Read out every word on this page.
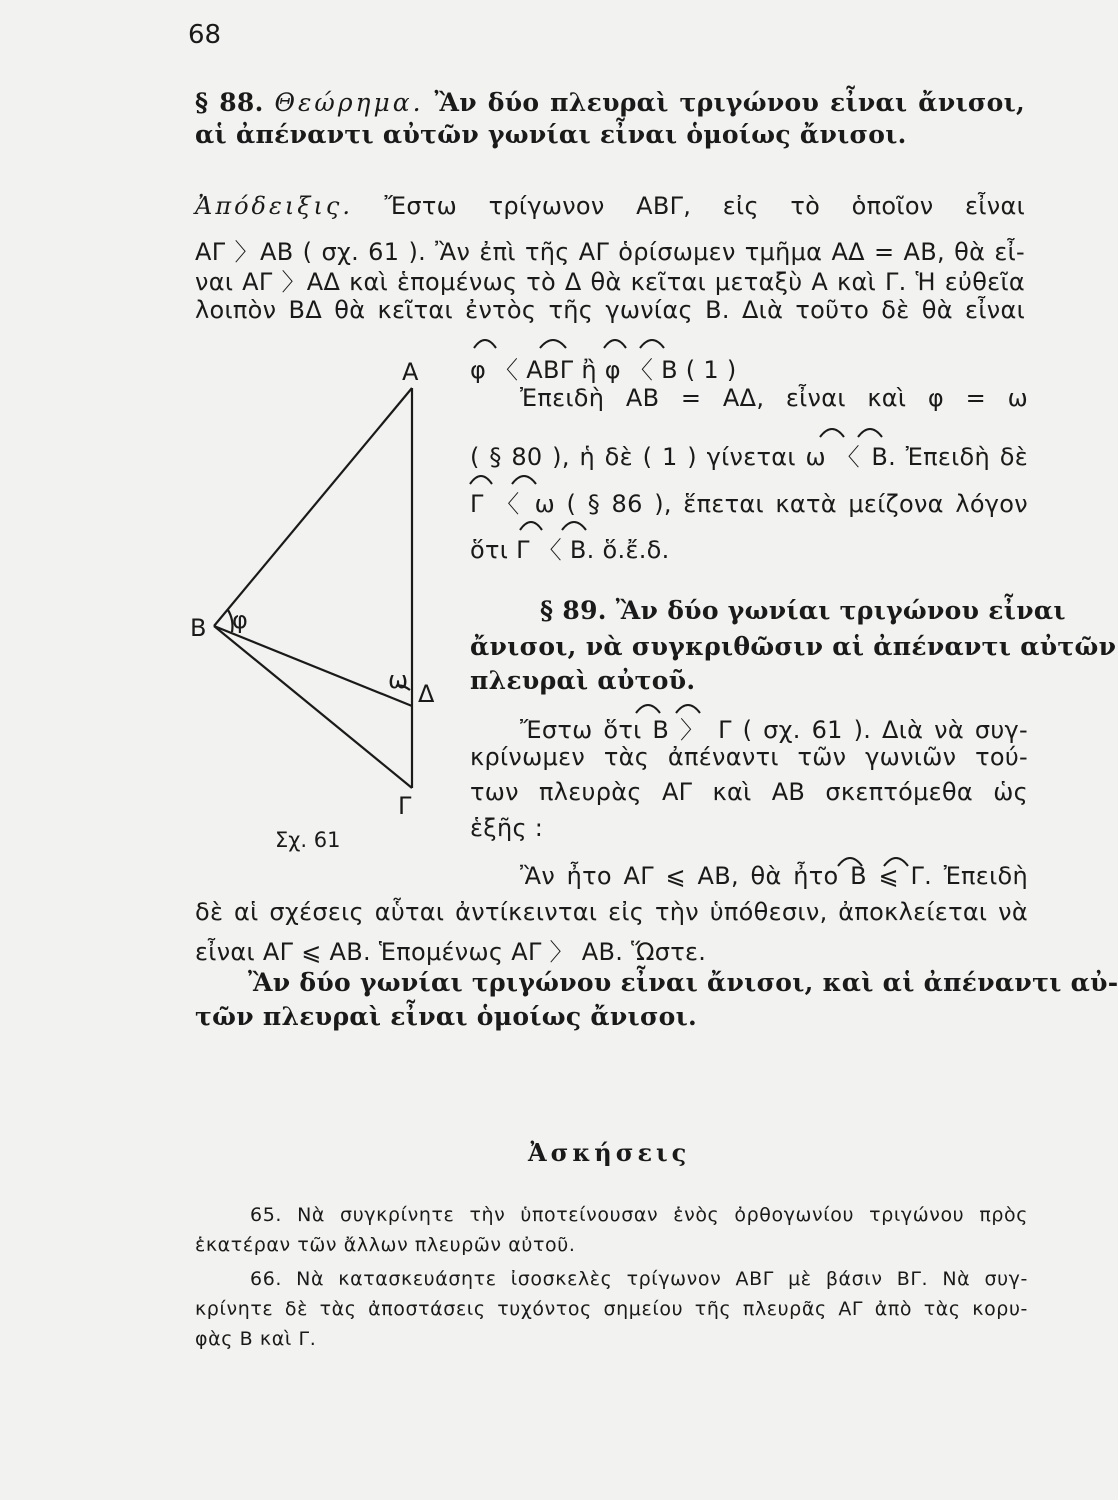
68
§ 88. Θεώρημα. Ἂν δύο πλευραὶ τριγώνου εἶναι ἄνισοι,
αἱ ἀπέναντι αὐτῶν γωνίαι εἶναι ὁμοίως ἄνισοι.
Ἀπόδειξις. Ἔστω τρίγωνον ΑΒΓ, εἰς τὸ ὁποῖον εἶναι
ΑΓ 〉ΑΒ ( σχ. 61 ). Ἂν ἐπὶ τῆς ΑΓ ὁρίσωμεν τμῆμα ΑΔ = ΑΒ, θὰ εἶ-
ναι ΑΓ 〉ΑΔ καὶ ἑπομένως τὸ Δ θὰ κεῖται μεταξὺ Α καὶ Γ. Ἡ εὐθεῖα
λοιπὸν ΒΔ θὰ κεῖται ἐντὸς τῆς γωνίας Β. Διὰ τοῦτο δὲ θὰ εἶναι
φ 〈 ΑΒΓ ἢ φ 〈 Β ( 1 )
Ἐπειδὴ ΑΒ = ΑΔ, εἶναι καὶ φ = ω
( § 80 ), ἡ δὲ ( 1 ) γίνεται ω 〈 Β. Ἐπειδὴ δὲ
Γ 〈 ω ( § 86 ), ἕπεται κατὰ μείζονα λόγον
ὅτι Γ 〈 Β. ὅ.ἔ.δ.
§ 89. Ἂν δύο γωνίαι τριγώνου εἶναι
ἄνισοι, νὰ συγκριθῶσιν αἱ ἀπέναντι αὐτῶν
πλευραὶ αὐτοῦ.
Ἔστω ὅτι Β 〉 Γ ( σχ. 61 ). Διὰ νὰ συγ-
κρίνωμεν τὰς ἀπέναντι τῶν γωνιῶν τού-
των πλευρὰς ΑΓ καὶ ΑΒ σκεπτόμεθα ὡς
ἑξῆς :
Ἂν ἦτο ΑΓ ⩽ ΑΒ, θὰ ἦτο Β ⩽ Γ. Ἐπειδὴ
δὲ αἱ σχέσεις αὗται ἀντίκεινται εἰς τὴν ὑπόθεσιν, ἀποκλείεται νὰ
εἶναι ΑΓ ⩽ ΑΒ. Ἑπομένως ΑΓ 〉 ΑΒ. Ὥστε.
Ἂν δύο γωνίαι τριγώνου εἶναι ἄνισοι, καὶ αἱ ἀπέναντι αὐ-
τῶν πλευραὶ εἶναι ὁμοίως ἄνισοι.
Α
Β
Γ
Δ
φ
ω
Σχ. 61
Ἀσκήσεις
65. Νὰ συγκρίνητε τὴν ὑποτείνουσαν ἑνὸς ὀρθογωνίου τριγώνου πρὸς
ἑκατέραν τῶν ἄλλων πλευρῶν αὐτοῦ.
66. Νὰ κατασκευάσητε ἰσοσκελὲς τρίγωνον ΑΒΓ μὲ βάσιν ΒΓ. Νὰ συγ-
κρίνητε δὲ τὰς ἀποστάσεις τυχόντος σημείου τῆς πλευρᾶς ΑΓ ἀπὸ τὰς κορυ-
φὰς Β καὶ Γ.
